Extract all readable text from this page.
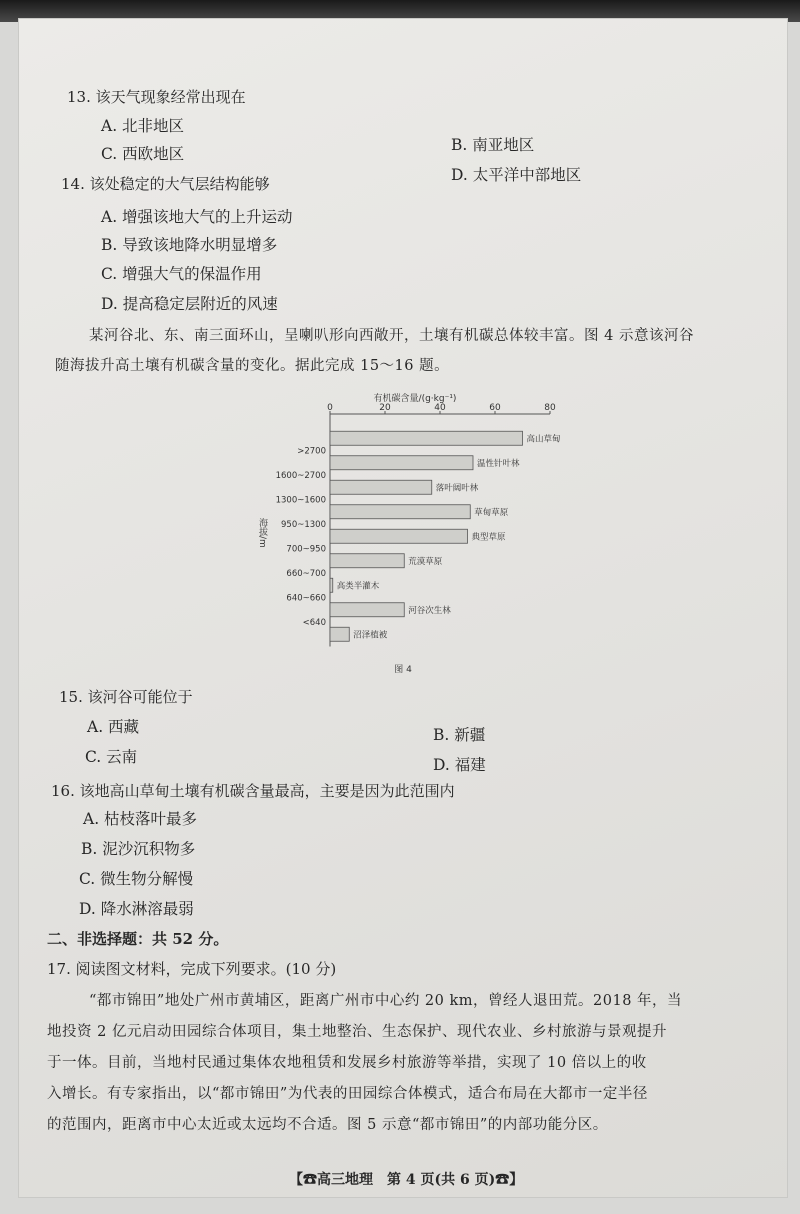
13. 该天气现象经常出现在
A. 北非地区
B. 南亚地区
C. 西欧地区
D. 太平洋中部地区
14. 该处稳定的大气层结构能够
A. 增强该地大气的上升运动
B. 导致该地降水明显增多
C. 增强大气的保温作用
D. 提高稳定层附近的风速
某河谷北、东、南三面环山，呈喇叭形向西敞开，土壤有机碳总体较丰富。图 4 示意该河谷
随海拔升高土壤有机碳含量的变化。据此完成 15～16 题。
15. 该河谷可能位于
A. 西藏	B. 新疆
C. 云南	D. 福建
16. 该地高山草甸土壤有机碳含量最高，主要是因为此范围内
A. 枯枝落叶最多
B. 泥沙沉积物多
C. 微生物分解慢
D. 降水淋溶最弱
二、非选择题：共 52 分。
17. 阅读图文材料，完成下列要求。(10 分)
“都市锦田”地处广州市黄埔区，距离广州市中心约 20 km，曾经人退田荒。2018 年，当
地投资 2 亿元启动田园综合体项目，集土地整治、生态保护、现代农业、乡村旅游与景观提升
于一体。目前，当地村民通过集体农地租赁和发展乡村旅游等举措，实现了 10 倍以上的收
入增长。有专家指出，以“都市锦田”为代表的田园综合体模式，适合布局在大都市一定半径
的范围内，距离市中心太近或太远均不合适。图 5 示意“都市锦田”的内部功能分区。
【☎高三地理　第 4 页(共 6 页)☎】
有机碳含量/(g·kg⁻¹)
0	20	40	60	80
海拔/m
高山草甸
>2700
温性针叶林
1600~2700
落叶阔叶林
1300~1600
草甸草原
950~1300
典型草原
700~950
荒漠草原
660~700
高类半灌木
640~660
河谷次生林
<640
沼泽植被
图 4
